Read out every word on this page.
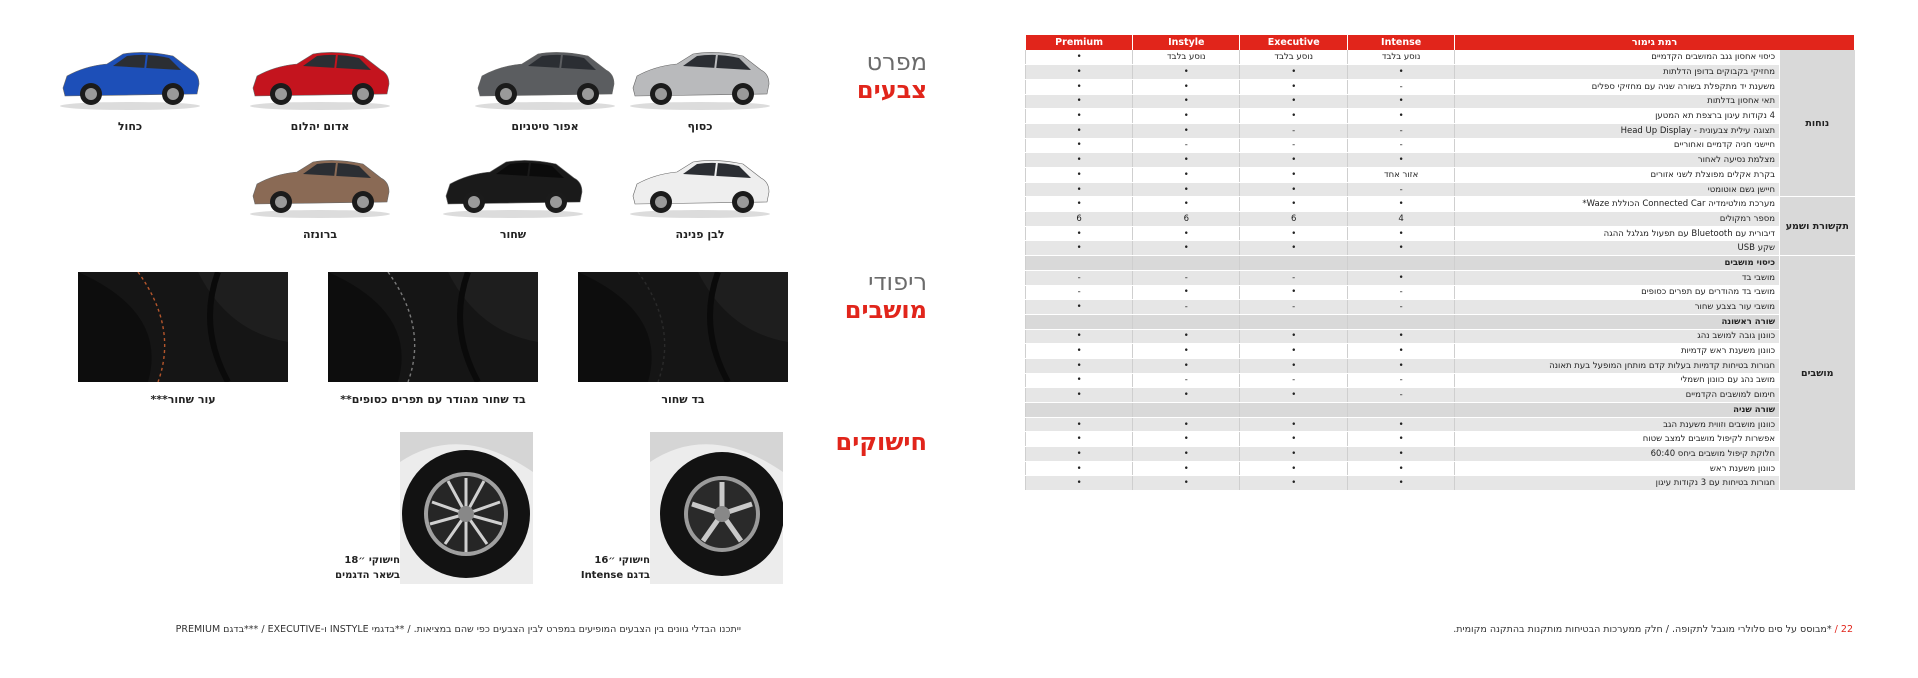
מפרט
צבעים
ריפודי
מושבים
חישוקים
כסוף
אפור טיטניום
אדום יהלום
כחול
לבן פנינה
שחור
ברונזה
בד שחור
בד שחור מהודר עם תפרים כסופים**
עור שחור***
חישוקי ״16
בדגם Intense
חישוקי ״18
בשאר הדגמים
ייתכנו הבדלי גוונים בין הצבעים המופיעים במפרט לבין הצבעים כפי שהם במציאות. / **בדגמי INSTYLE ו-EXECUTIVE / ***בדגם PREMIUM
רמת גימור		Intense	Executive	Instyle	Premium
נוחות	כיסוי אחסון גגב המושבים הקדמיים	נוסע בלבד	נוסע בלבד	נוסע בלבד	•
	מחזיקי בקבוקים בדופן הדלתות	•	•	•	•
	משענת יד מתקפלת בשורה שניה עם מחזיקי ספלים	-	•	•	•
	תאי אחסון בדלתות	•	•	•	•
	4 נקודות עיגון ברצפת תא המטען	•	•	•	•
	תצוגה עילית צבעונית - Head Up Display	-	-	•	•
	חיישני חניה קדמיים ואחוריים	-	-	-	•
	מצלמת נסיעה לאחור	•	•	•	•
	בקרת אקלים מפוצלת לשני אזורים	אזור אחד	•	•	•
	חיישן גשם אוטומטי	-	•	•	•
תקשורת ושמע	מערכת מולטימדיה Connected Car הכוללת Waze*	•	•	•	•
	מספר רמקולים	4	6	6	6
	דיבורית עם Bluetooth עם תפעול מגלגל ההגה	•	•	•	•
	שקע USB	•	•	•	•
מושבים	כיסוי מושבים				
	מושבי בד	•	-	-	-
	מושבי בד מהודרים עם תפרים כסופים	-	•	•	-
	מושבי עור בצבע שחור	-	-	-	•
	שורה ראשונה				
	כוונון גובה למושב נהג	•	•	•	•
	כוונון משענת ראש קדמיות	•	•	•	•
	חגורות בטיחות קדמיות בעלות קדם מותחן המופעל בעת תאונה	•	•	•	•
	מושב נהג עם כוונון חשמלי	-	-	-	•
	חימום למושבים הקדמיים	-	•	•	•
	שורה שניה				
	כוונון מושבים וזווית משענת הגב	•	•	•	•
	אפשרות לקיפול מושבים למצב שטוח	•	•	•	•
	חלוקת קיפול מושבים ביחס 60:40	•	•	•	•
	כוונון משענת ראש	•	•	•	•
	חגורות בטיחות עם 3 נקודות עיגון	•	•	•	•
22 / *מבוסס על סים סלולרי מוגבל לתקופה. / חלק ממערכות הבטיחות מותקנות בהתקנה מקומית.
